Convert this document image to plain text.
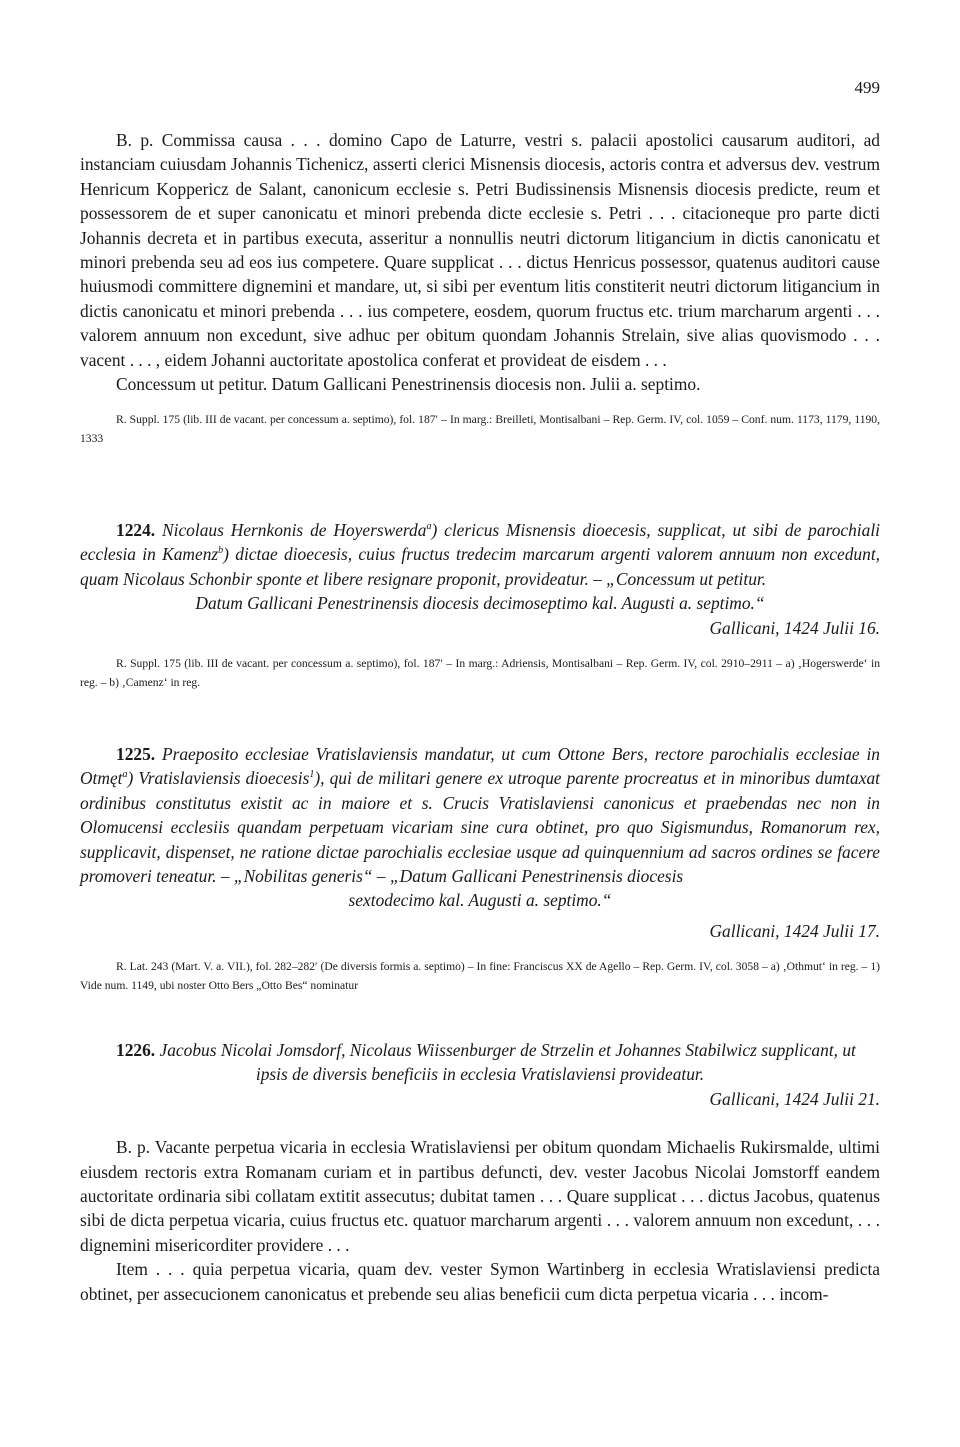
499

B. p. Commissa causa . . . domino Capo de Laturre, vestri s. palacii apostolici causarum auditori, ad instanciam cuiusdam Johannis Tichenicz, asserti clerici Misnensis diocesis, actoris contra et adversus dev. vestrum Henricum Koppericz de Salant, canonicum ecclesie s. Petri Budissinensis Misnensis diocesis predicte, reum et possessorem de et super canonicatu et minori prebenda dicte ecclesie s. Petri . . . citacioneque pro parte dicti Johannis decreta et in partibus executa, asseritur a nonnullis neutri dictorum litigancium in dictis canonicatu et minori prebenda seu ad eos ius competere. Quare supplicat . . . dictus Henricus possessor, quatenus auditori cause huiusmodi committere dignemini et mandare, ut, si sibi per eventum litis constiterit neutri dictorum litigancium in dictis canonicatu et minori prebenda . . . ius competere, eosdem, quorum fructus etc. trium marcharum argenti . . . valorem annuum non excedunt, sive adhuc per obitum quondam Johannis Strelain, sive alias quovismodo . . . vacent . . . , eidem Johanni auctoritate apostolica conferat et provideat de eisdem . . .

Concessum ut petitur. Datum Gallicani Penestrinensis diocesis non. Julii a. septimo.

R. Suppl. 175 (lib. III de vacant. per concessum a. septimo), fol. 187′ – In marg.: Breilleti, Montisalbani – Rep. Germ. IV, col. 1059 – Conf. num. 1173, 1179, 1190, 1333

1224. Nicolaus Hernkonis de Hoyerswerda$^a$) clericus Misnensis dioecesis, supplicat, ut sibi de parochiali ecclesia in Kamenz$^b$) dictae dioecesis, cuius fructus tredecim marcarum argenti valorem annuum non excedunt, quam Nicolaus Schonbir sponte et libere resignare proponit, provideatur. – „Concessum ut petitur.

Datum Gallicani Penestrinensis diocesis decimoseptimo kal. Augusti a. septimo.“

Gallicani, 1424 Julii 16.

R. Suppl. 175 (lib. III de vacant. per concessum a. septimo), fol. 187′ – In marg.: Adriensis, Montisalbani – Rep. Germ. IV, col. 2910–2911 – a) ‚Hogerswerde‘ in reg. – b) ‚Camenz‘ in reg.

1225. Praeposito ecclesiae Vratislaviensis mandatur, ut cum Ottone Bers, rectore parochialis ecclesiae in Otmęt$^a$) Vratislaviensis dioecesis$^1$), qui de militari genere ex utroque parente procreatus et in minoribus dumtaxat ordinibus constitutus existit ac in maiore et s. Crucis Vratislaviensi canonicus et praebendas nec non in Olomucensi ecclesiis quandam perpetuam vicariam sine cura obtinet, pro quo Sigismundus, Romanorum rex, supplicavit, dispenset, ne ratione dictae parochialis ecclesiae usque ad quinquennium ad sacros ordines se facere promoveri teneatur. – „Nobilitas generis“ – „Datum Gallicani Penestrinensis diocesis

sextodecimo kal. Augusti a. septimo.“

Gallicani, 1424 Julii 17.

R. Lat. 243 (Mart. V. a. VII.), fol. 282–282′ (De diversis formis a. septimo) – In fine: Franciscus XX de Agello – Rep. Germ. IV, col. 3058 – a) ‚Othmut‘ in reg. – 1) Vide num. 1149, ubi noster Otto Bers „Otto Bes“ nominatur

1226. Jacobus Nicolai Jomsdorf, Nicolaus Wiissenburger de Strzelin et Johannes Stabilwicz supplicant, ut

ipsis de diversis beneficiis in ecclesia Vratislaviensi provideatur.

Gallicani, 1424 Julii 21.

B. p. Vacante perpetua vicaria in ecclesia Wratislaviensi per obitum quondam Michaelis Rukirsmalde, ultimi eiusdem rectoris extra Romanam curiam et in partibus defuncti, dev. vester Jacobus Nicolai Jomstorff eandem auctoritate ordinaria sibi collatam extitit assecutus; dubitat tamen . . . Quare supplicat . . . dictus Jacobus, quatenus sibi de dicta perpetua vicaria, cuius fructus etc. quatuor marcharum argenti . . . valorem annuum non excedunt, . . . dignemini misericorditer providere . . .

Item . . . quia perpetua vicaria, quam dev. vester Symon Wartinberg in ecclesia Wratislaviensi predicta obtinet, per assecucionem canonicatus et prebende seu alias beneficii cum dicta perpetua vicaria . . . incom-
